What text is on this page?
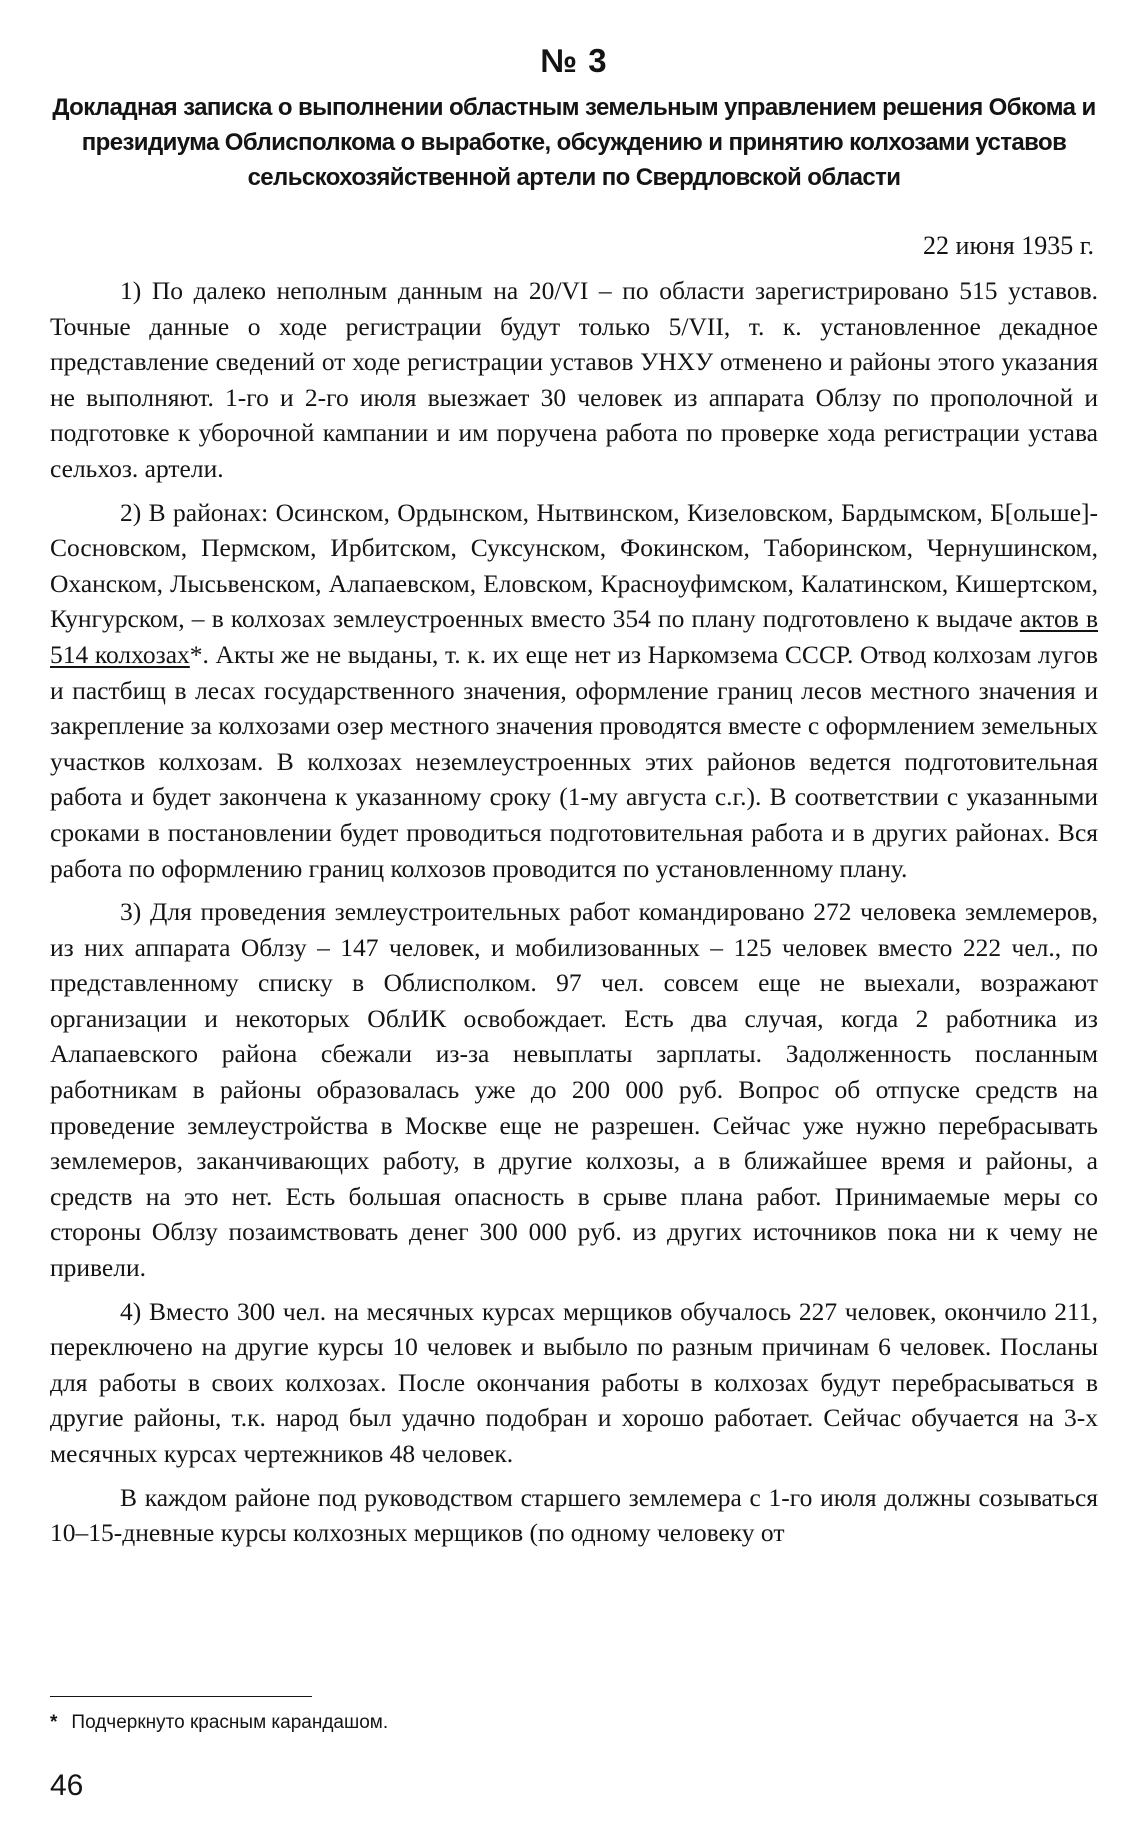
№ 3
Докладная записка о выполнении областным земельным управлением решения Обкома и президиума Облисполкома о выработке, обсуждению и принятию колхозами уставов сельскохозяйственной артели по Свердловской области
22 июня 1935 г.

1) По далеко неполным данным на 20/VI – по области зарегистрировано 515 уставов. Точные данные о ходе регистрации будут только 5/VII, т. к. установленное декадное представление сведений от ходе регистрации уставов УНХУ отменено и районы этого указания не выполняют. 1-го и 2-го июля выезжает 30 человек из аппарата Облзу по прополочной и подготовке к уборочной кампании и им поручена работа по проверке хода регистрации устава сельхоз. артели.

2) В районах: Осинском, Ордынском, Нытвинском, Кизеловском, Бардымском, Б[ольше]-Сосновском, Пермском, Ирбитском, Суксунском, Фокинском, Таборинском, Чернушинском, Оханском, Лысьвенском, Алапаевском, Еловском, Красноуфимском, Калатинском, Кишертском, Кунгурском, – в колхозах землеустроенных вместо 354 по плану подготовлено к выдаче актов в 514 колхозах*. Акты же не выданы, т. к. их еще нет из Наркомзема СССР. Отвод колхозам лугов и пастбищ в лесах государственного значения, оформление границ лесов местного значения и закрепление за колхозами озер местного значения проводятся вместе с оформлением земельных участков колхозам. В колхозах неземлеустроенных этих районов ведется подготовительная работа и будет закончена к указанному сроку (1-му августа с.г.). В соответствии с указанными сроками в постановлении будет проводиться подготовительная работа и в других районах. Вся работа по оформлению границ колхозов проводится по установленному плану.

3) Для проведения землеустроительных работ командировано 272 человека землемеров, из них аппарата Облзу – 147 человек, и мобилизованных – 125 человек вместо 222 чел., по представленному списку в Облисполком. 97 чел. совсем еще не выехали, возражают организации и некоторых ОблИК освобождает. Есть два случая, когда 2 работника из Алапаевского района сбежали из-за невыплаты зарплаты. Задолженность посланным работникам в районы образовалась уже до 200 000 руб. Вопрос об отпуске средств на проведение землеустройства в Москве еще не разрешен. Сейчас уже нужно перебрасывать землемеров, заканчивающих работу, в другие колхозы, а в ближайшее время и районы, а средств на это нет. Есть большая опасность в срыве плана работ. Принимаемые меры со стороны Облзу позаимствовать денег 300 000 руб. из других источников пока ни к чему не привели.

4) Вместо 300 чел. на месячных курсах мерщиков обучалось 227 человек, окончило 211, переключено на другие курсы 10 человек и выбыло по разным причинам 6 человек. Посланы для работы в своих колхозах. После окончания работы в колхозах будут перебрасываться в другие районы, т.к. народ был удачно подобран и хорошо работает. Сейчас обучается на 3-х месячных курсах чертежников 48 человек.

В каждом районе под руководством старшего землемера с 1-го июля должны созываться 10–15-дневные курсы колхозных мерщиков (по одному человеку от

* Подчеркнуто красным карандашом.

46
